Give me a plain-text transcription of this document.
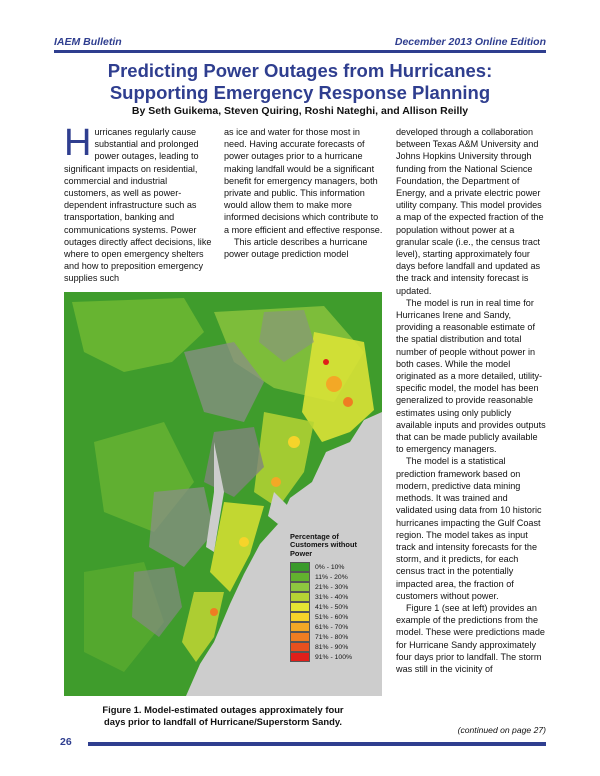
IAEM Bulletin	December 2013 Online Edition
Predicting Power Outages from Hurricanes:
Supporting Emergency Response Planning
By Seth Guikema, Steven Quiring, Roshi Nateghi, and Allison Reilly

Hurricanes regularly cause substantial and prolonged power outages, leading to significant impacts on residential, commercial and industrial customers, as well as power-dependent infrastructure such as transportation, banking and communications systems. Power outages directly affect decisions, like where to open emergency shelters and how to preposition emergency supplies such

as ice and water for those most in need. Having accurate forecasts of power outages prior to a hurricane making landfall would be a significant benefit for emergency managers, both private and public. This information would allow them to make more informed decisions which contribute to a more efficient and effective response.

This article describes a hurricane power outage prediction model

developed through a collaboration between Texas A&M University and Johns Hopkins University through funding from the National Science Foundation, the Department of Energy, and a private electric power utility company. This model provides a map of the expected fraction of the population without power at a granular scale (i.e., the census tract level), starting approximately four days before landfall and updated as the track and intensity forecast is updated.

The model is run in real time for Hurricanes Irene and Sandy, providing a reasonable estimate of the spatial distribution and total number of people without power in both cases. While the model originated as a more detailed, utility-specific model, the model has been generalized to provide reasonable estimates using only publicly available inputs and provides outputs that can be made publicly available to emergency managers.

The model is a statistical prediction framework based on modern, predictive data mining methods. It was trained and validated using data from 10 historic hurricanes impacting the Gulf Coast region. The model takes as input track and intensity forecasts for the storm, and it predicts, for each census tract in the potentially impacted area, the fraction of customers without power.

Figure 1 (see at left) provides an example of the predictions from the model. These were predictions made for Hurricane Sandy approximately four days prior to landfall. The storm was still in the vicinity of

Percentage of Customers without Power
0% - 10%
11% - 20%
21% - 30%
31% - 40%
41% - 50%
51% - 60%
61% - 70%
71% - 80%
81% - 90%
91% - 100%
Figure 1. Model-estimated outages approximately four
days prior to landfall of Hurricane/Superstorm Sandy.
(continued on page 27)
26
